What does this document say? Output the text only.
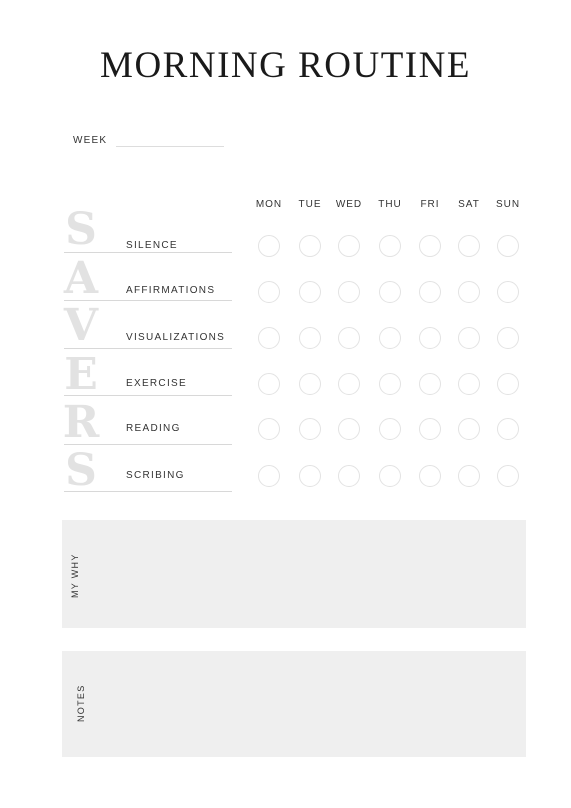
MORNING ROUTINE
WEEK
MON	TUE	WED	THU	FRI	SAT	SUN
S
A
V
E
R
S
SILENCE
AFFIRMATIONS
VISUALIZATIONS
EXERCISE
READING
SCRIBING
MY WHY
NOTES
